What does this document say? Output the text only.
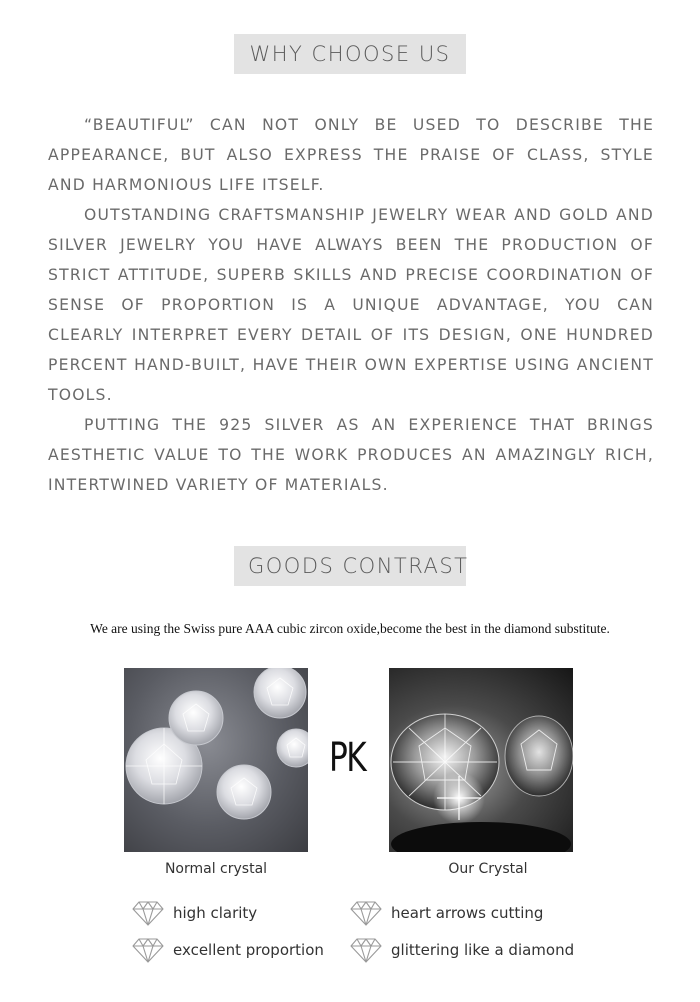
WHY CHOOSE US

“BEAUTIFUL” CAN NOT ONLY BE USED TO DESCRIBE THE APPEARANCE, BUT ALSO EXPRESS THE PRAISE OF CLASS, STYLE AND HARMONIOUS LIFE ITSELF.

OUTSTANDING CRAFTSMANSHIP JEWELRY WEAR AND GOLD AND SILVER JEWELRY YOU HAVE ALWAYS BEEN THE PRODUCTION OF STRICT ATTITUDE, SUPERB SKILLS AND PRECISE COORDINATION OF SENSE OF PROPORTION IS A UNIQUE ADVANTAGE, YOU CAN CLEARLY INTERPRET EVERY DETAIL OF ITS DESIGN, ONE HUNDRED PERCENT HAND-BUILT, HAVE THEIR OWN EXPERTISE USING ANCIENT TOOLS.

PUTTING THE 925 SILVER AS AN EXPERIENCE THAT BRINGS AESTHETIC VALUE TO THE WORK PRODUCES AN AMAZINGLY RICH, INTERTWINED VARIETY OF MATERIALS.

GOODS CONTRAST
We are using the Swiss pure AAA cubic zircon oxide,become the best in the diamond substitute.
PK
Normal crystal	Our Crystal
high clarity	heart arrows cutting
excellent proportion	glittering like a diamond
